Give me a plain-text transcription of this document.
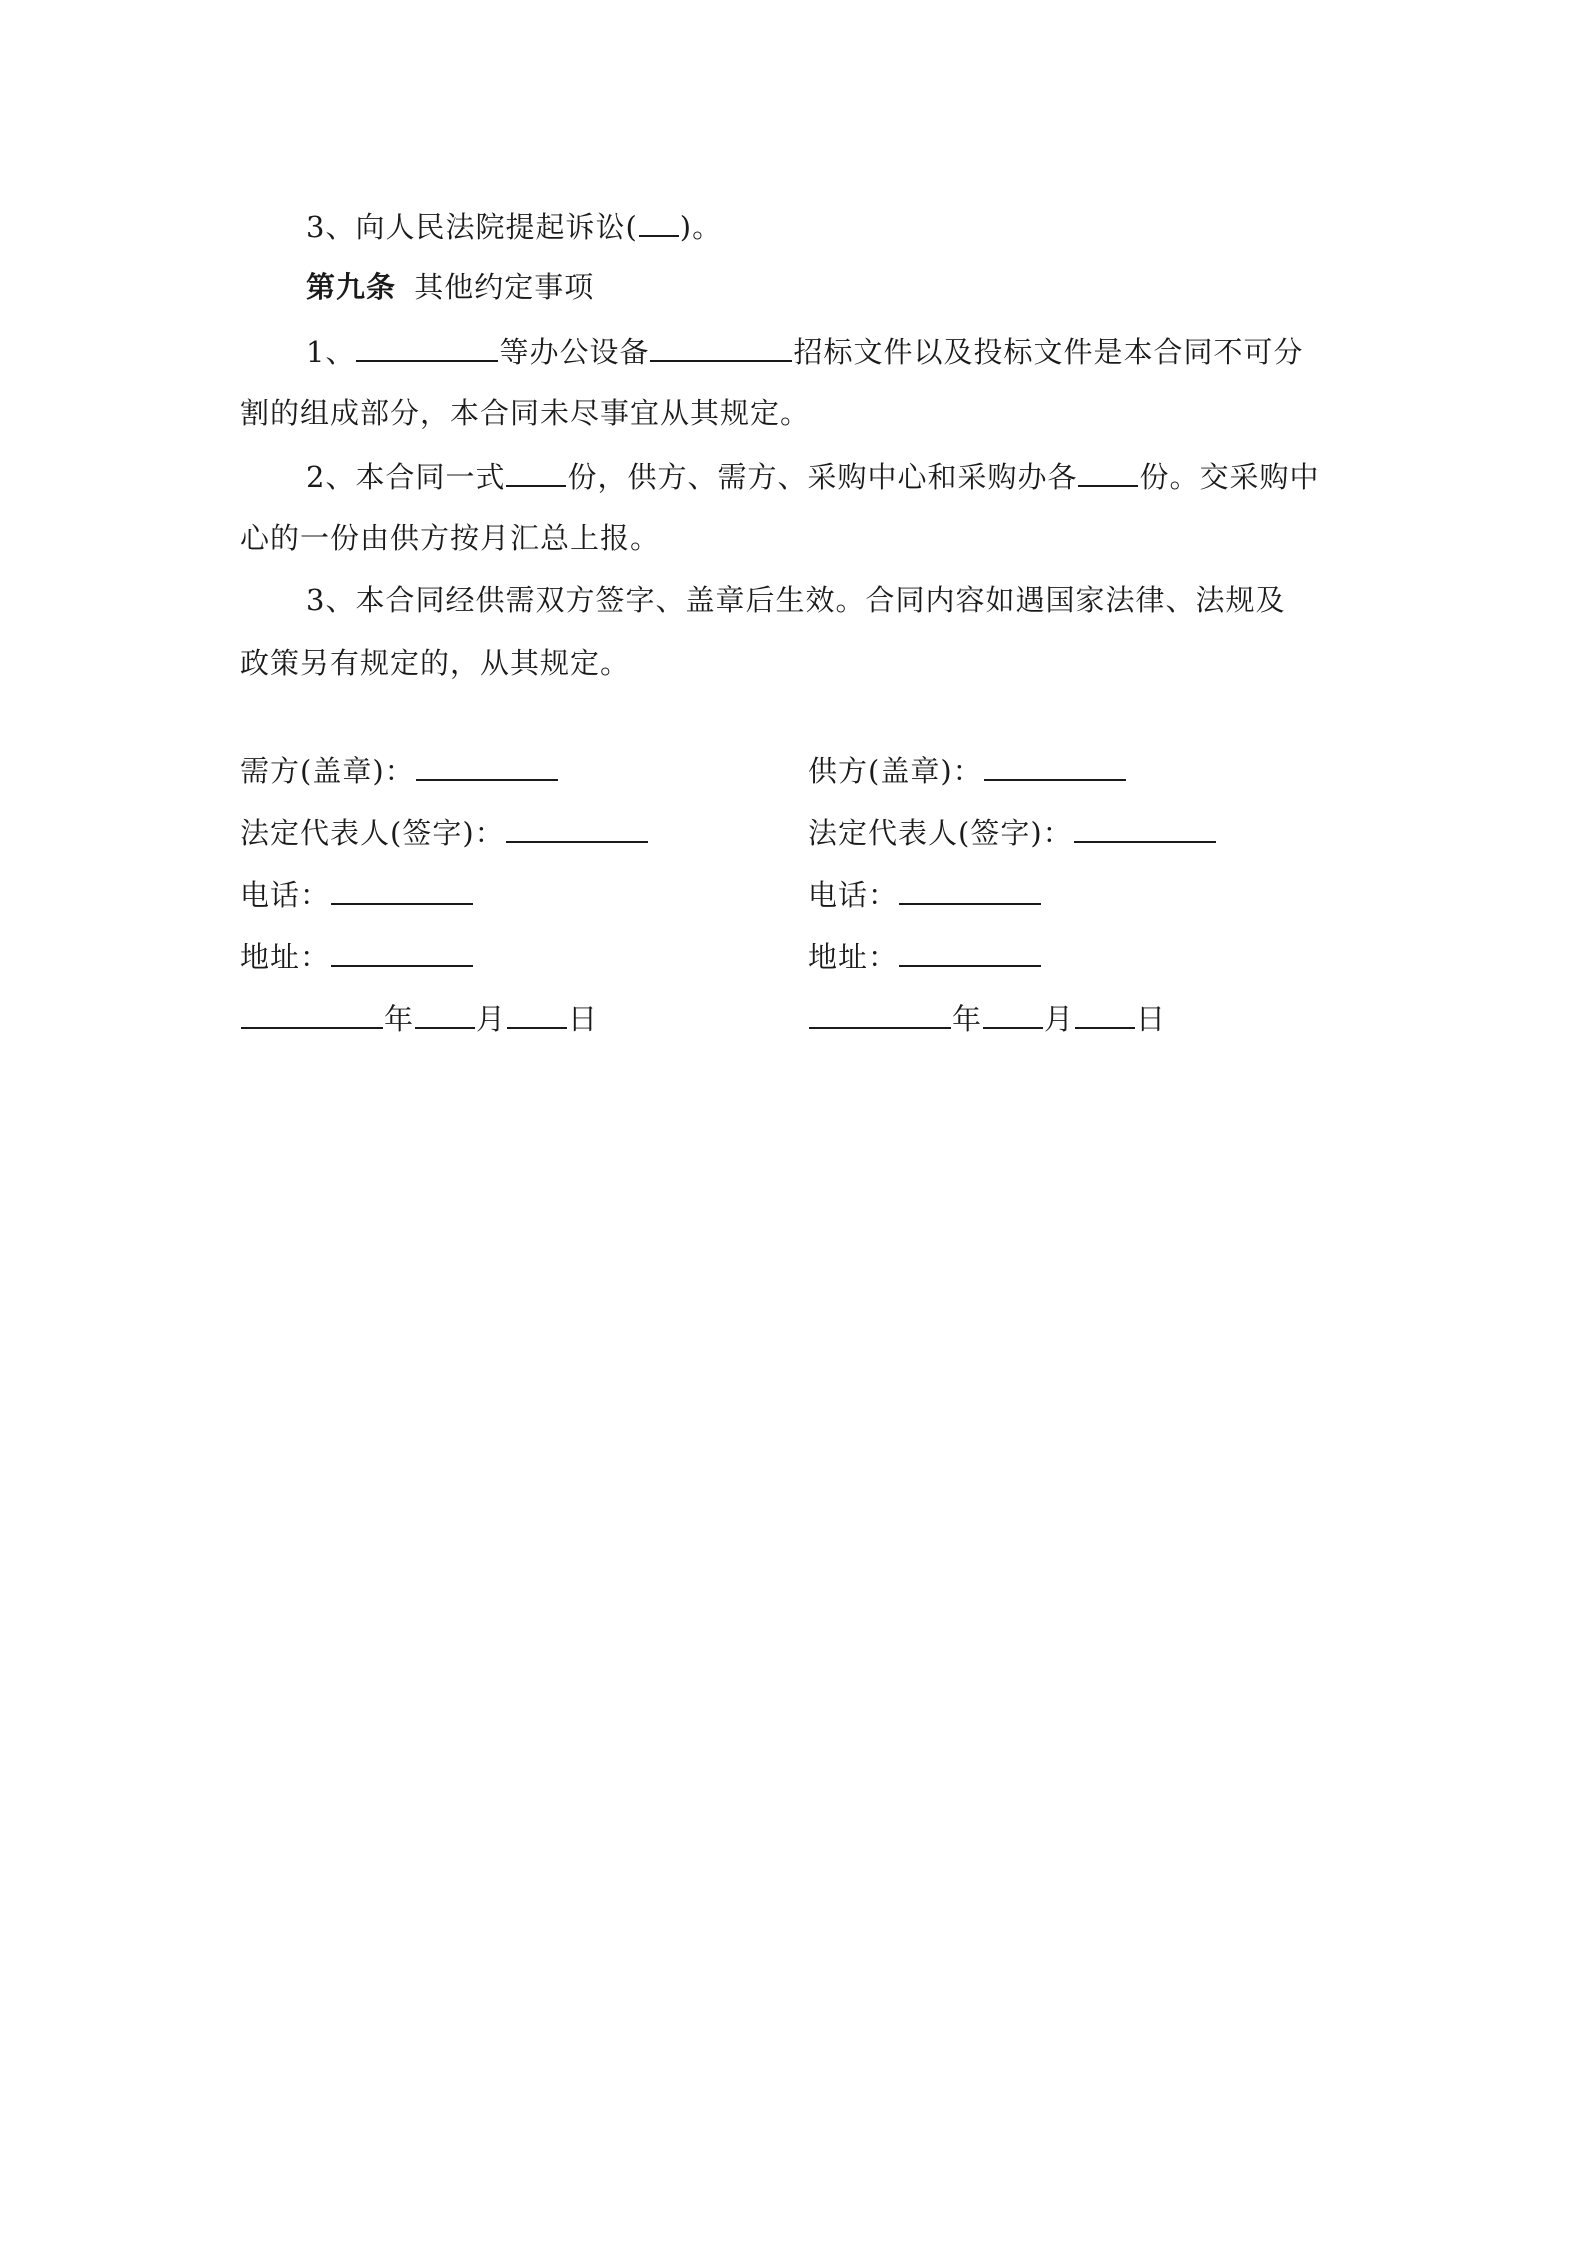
3、向人民法院提起诉讼( )。
第九条 其他约定事项
1、	等办公设备	招标文件以及投标文件是本合同不可分
割的组成部分，本合同未尽事宜从其规定。
2、本合同一式 份，供方、需方、采购中心和采购办各 份。交采购中
心的一份由供方按月汇总上报。
3、本合同经供需双方签字、盖章后生效。合同内容如遇国家法律、法规及
政策另有规定的，从其规定。
需方(盖章)：
法定代表人(签字)：
电话：
地址：
年 月 日
供方(盖章)：
法定代表人(签字)：
电话：
地址：
年 月 日
